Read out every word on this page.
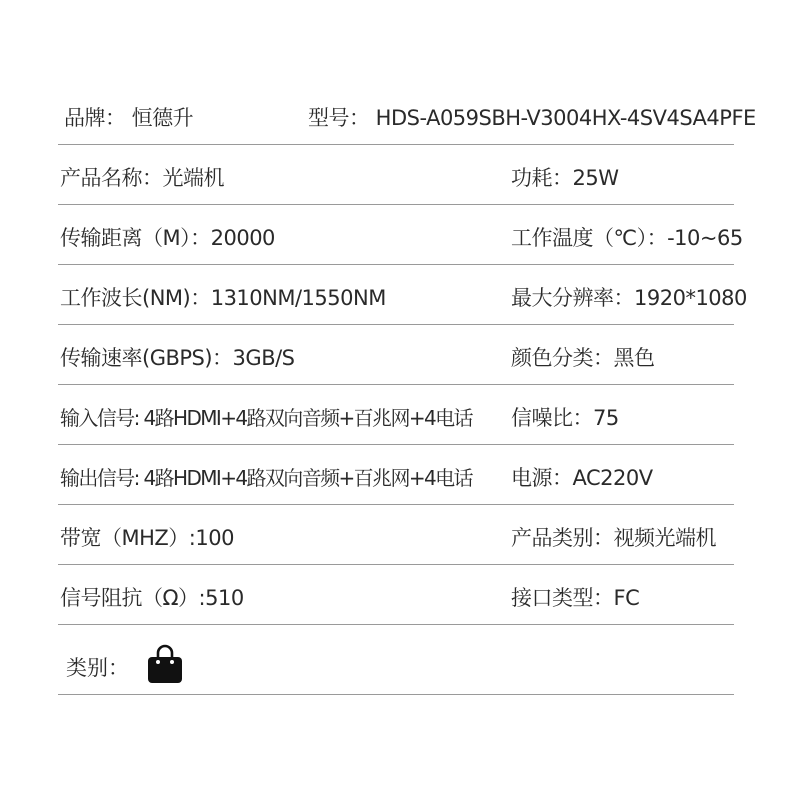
品牌： 恒德升	型号： HDS-A059SBH-V3004HX-4SV4SA4PFE
产品名称：光端机	功耗：25W
传输距离（M）：20000	工作温度（℃）：-10~65
工作波长(NM)：1310NM/1550NM	最大分辨率：1920*1080
传输速率(GBPS)：3GB/S	颜色分类：黑色
输入信号: 4路HDMI+4路双向音频+百兆网+4电话 信噪比：75
输出信号: 4路HDMI+4路双向音频+百兆网+4电话 电源：AC220V
带宽（MHZ）:100	产品类别：视频光端机
信号阻抗（Ω）:510	接口类型：FC
类别：
